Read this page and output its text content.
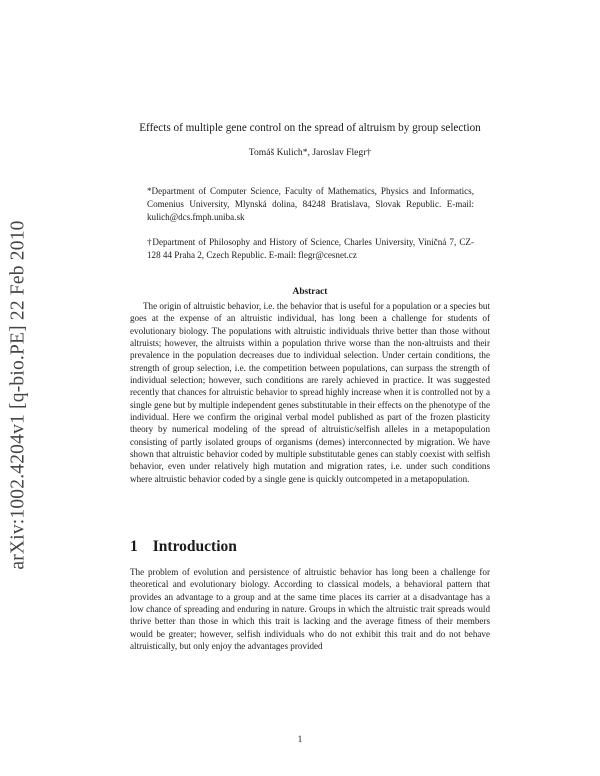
arXiv:1002.4204v1 [q-bio.PE] 22 Feb 2010
Effects of multiple gene control on the spread of altruism by group selection
Tomáš Kulich*, Jaroslav Flegr†
*Department of Computer Science, Faculty of Mathematics, Physics and Informatics, Comenius University, Mlynská dolina, 84248 Bratislava, Slovak Republic. E-mail: kulich@dcs.fmph.uniba.sk
†Department of Philosophy and History of Science, Charles University, Viničná 7, CZ-128 44 Praha 2, Czech Republic. E-mail: flegr@cesnet.cz
Abstract
The origin of altruistic behavior, i.e. the behavior that is useful for a population or a species but goes at the expense of an altruistic individual, has long been a challenge for students of evolutionary biology. The populations with altruistic individuals thrive better than those without altruists; however, the altruists within a population thrive worse than the non-altruists and their prevalence in the population decreases due to individual selection. Under certain conditions, the strength of group selection, i.e. the competition between populations, can surpass the strength of individual selection; however, such conditions are rarely achieved in practice. It was suggested recently that chances for altruistic behavior to spread highly increase when it is controlled not by a single gene but by multiple independent genes substitutable in their effects on the phenotype of the individual. Here we confirm the original verbal model published as part of the frozen plasticity theory by numerical modeling of the spread of altruistic/selfish alleles in a metapopulation consisting of partly isolated groups of organisms (demes) interconnected by migration. We have shown that altruistic behavior coded by multiple substitutable genes can stably coexist with selfish behavior, even under relatively high mutation and migration rates, i.e. under such conditions where altruistic behavior coded by a single gene is quickly outcompeted in a metapopulation.
1 Introduction
The problem of evolution and persistence of altruistic behavior has long been a challenge for theoretical and evolutionary biology. According to classical models, a behavioral pattern that provides an advantage to a group and at the same time places its carrier at a disadvantage has a low chance of spreading and enduring in nature. Groups in which the altruistic trait spreads would thrive better than those in which this trait is lacking and the average fitness of their members would be greater; however, selfish individuals who do not exhibit this trait and do not behave altruistically, but only enjoy the advantages provided
1
